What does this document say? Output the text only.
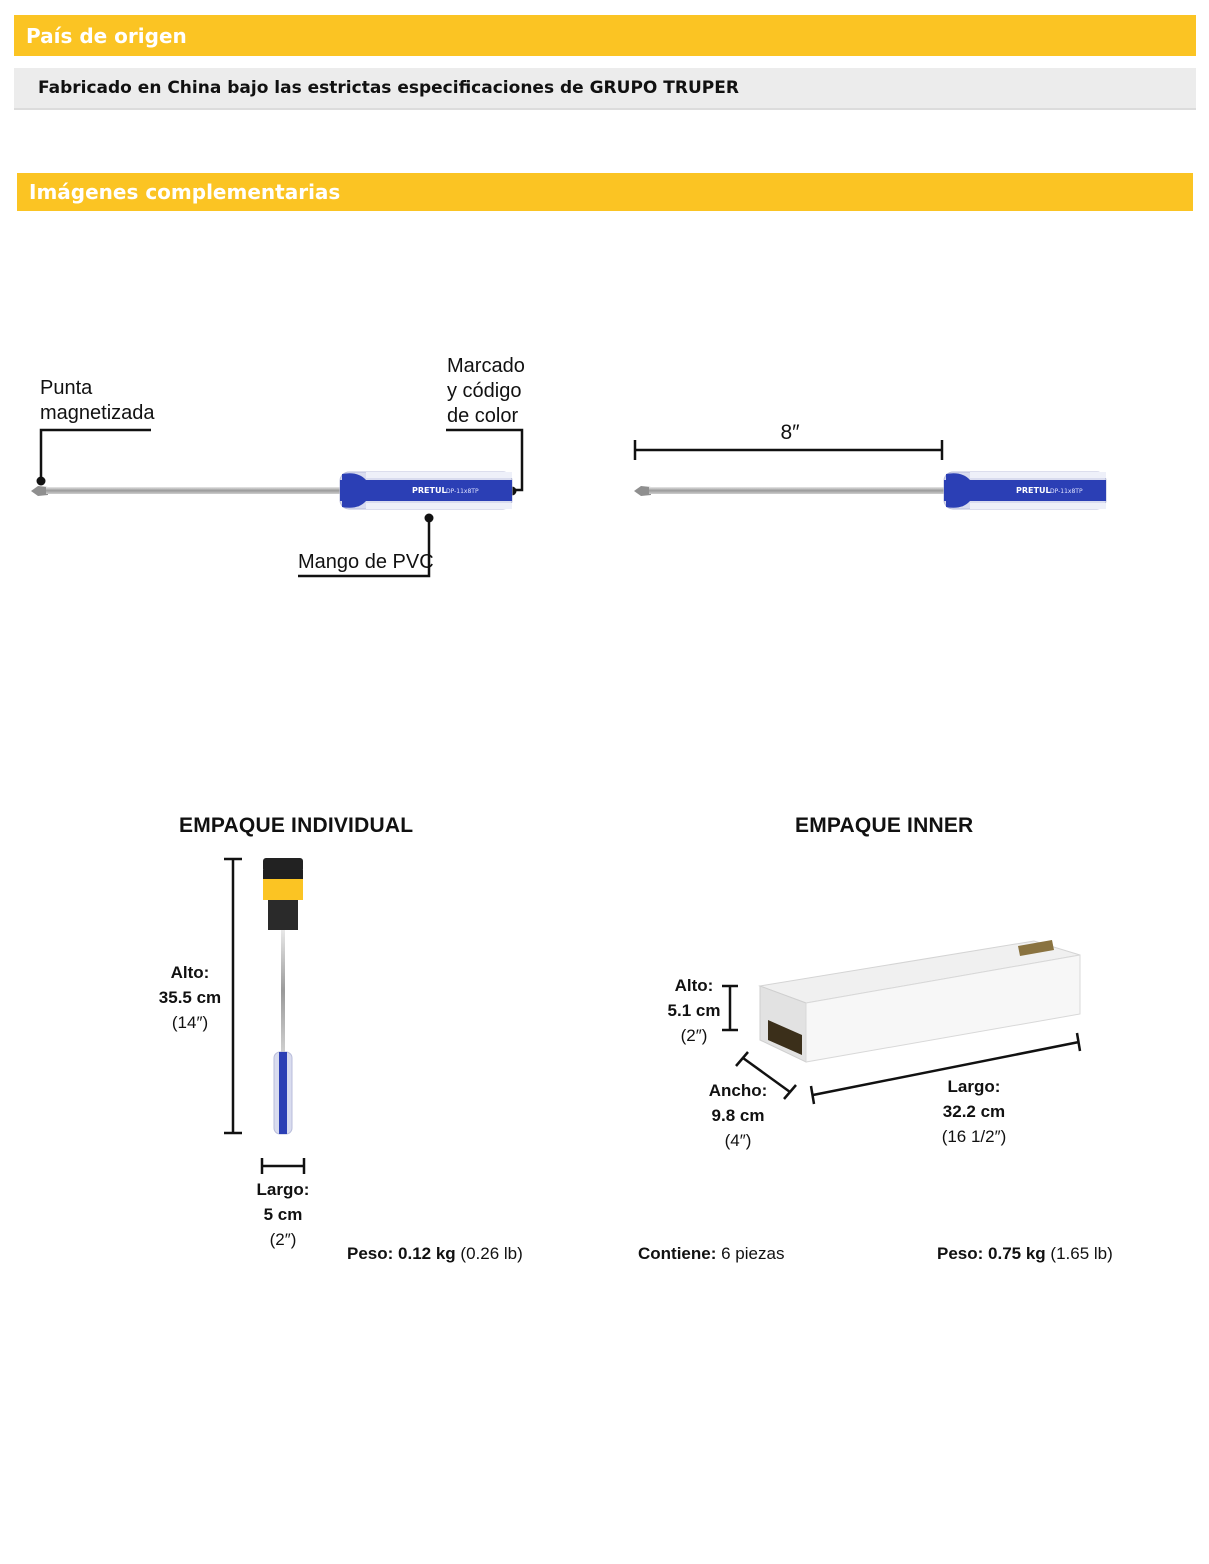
País de origen
Fabricado en China bajo las estrictas especificaciones de GRUPO TRUPER
Imágenes complementarias
Punta
magnetizada
Marcado
y código
de color
Mango de PVC
PRETUL DP-11x8TP
8″
PRETUL DP-11x8TP
EMPAQUE INDIVIDUAL
Alto:
35.5 cm
(14″)
Largo:
5 cm
(2″)
Peso: 0.12 kg (0.26 lb)
EMPAQUE INNER
Alto:
5.1 cm
(2″)
Ancho:
9.8 cm
(4″)
Largo:
32.2 cm
(16 1/2″)
Contiene: 6 piezas	Peso: 0.75 kg (1.65 lb)
